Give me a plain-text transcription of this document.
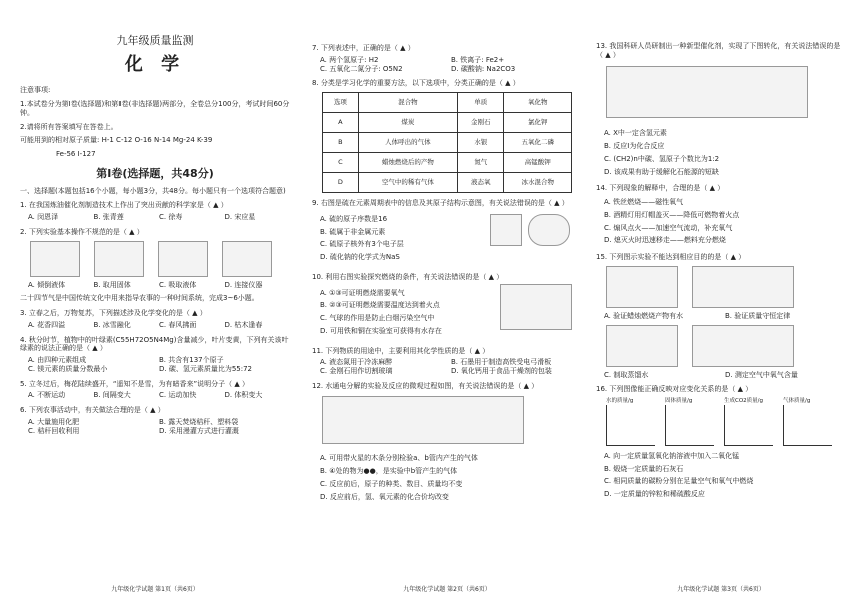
九年级质量监测
化 学
注意事项:
1.本试卷分为第Ⅰ卷(选择题)和第Ⅱ卷(非选择题)两部分，全卷总分100分，考试时间60分钟。
2.请将所有答案填写在答卷上。
可能用到的相对原子质量: H-1 C-12 O-16 N-14 Mg-24 K-39
Fe-56 I-127
第Ⅰ卷(选择题，共48分)
一、选择题(本题包括16个小题，每小题3分，共48分。每小题只有一个选项符合题意)
1. 在我国炼油催化剂制造技术上作出了突出贡献的科学家是（ ▲ ）
A. 闵恩泽	B. 张青莲	C. 徐寿	D. 宋应星
2. 下列实验基本操作不规范的是（ ▲ ）
A. 倾倒液体	B. 取用固体	C. 吸取液体	D. 连接仪器
二十四节气是中国传统文化中用来指导农事的一种时间系统，完成3~6小题。
3. 立春之后，万物复苏，下列描述涉及化学变化的是（ ▲ ）
A. 花香四溢	B. 冰雪融化	C. 春风拂面	D. 枯木逢春
4. 秋分时节，植物中的叶绿素(C55H72O5N4Mg)含量减少，叶片变黄，下列有关该叶绿素的说法正确的是（ ▲ ）
A. 由四种元素组成	B. 共含有137个原子
C. 镁元素的质量分数最小	D. 碳、氢元素质量比为55:72
5. 立冬过后，梅花陆续盛开，“遥知不是雪，为有暗香来”说明分子（ ▲ ）
A. 不断运动	B. 间隔变大	C. 运动加快	D. 体积变大
6. 下列农事活动中，有关做法合理的是（ ▲ ）
A. 大量施用化肥	B. 露天焚烧秸秆、塑料袋
C. 秸秆回收利用	D. 采用漫灌方式进行灌溉
九年级化学试题 第1页（共6页）
7. 下列表述中，正确的是（ ▲ ）
A. 两个氢原子: H2	B. 铁离子: Fe2+
C. 五氧化二氮分子: O5N2	D. 碳酸钠: Na2CO3
8. 分类是学习化学的重要方法，以下选项中，分类正确的是（ ▲ ）
选项	混合物	单质	氧化物
A	煤炭	金刚石	氯化钾
B	人体呼出的气体	水银	五氧化二磷
C	蜡烛燃烧后的产物	氮气	高锰酸钾
D	空气中的稀有气体	液态氧	冰水混合物
9. 右图是硫在元素周期表中的信息及其原子结构示意图，有关说法错误的是（ ▲ ）
A. 硫的原子序数是16
B. 硫属于非金属元素
C. 硫原子核外有3个电子层
D. 硫化钠的化学式为NaS
10. 利用右图实验探究燃烧的条件，有关说法错误的是（ ▲ ）
A. ①③可证明燃烧需要氧气
B. ②③可证明燃烧需要温度达到着火点
C. 气球的作用是防止白烟污染空气中
D. 可用铁和铜在实验室可获得有水存在
11. 下列物质的用途中，主要利用其化学性质的是（ ▲ ）
A. 液态氮用于冷冻麻醉	B. 石墨用于制造高铁受电弓滑板
C. 金刚石用作切割玻璃	D. 氧化钙用于食品干燥剂的包装
12. 水通电分解的实验及反应的微观过程如图，有关说法错误的是（ ▲ ）
A. 可用带火星的木条分别检验a、b管内产生的气体
B. ④处的物为●●，是实验中b管产生的气体
C. 反应前后，原子的种类、数目、质量均不变
D. 反应前后，氢、氧元素的化合价均改变
九年级化学试题 第2页（共6页）
13. 我国科研人员研制出一种新型催化剂，实现了下图转化，有关说法错误的是（ ▲ ）
A. X中一定含氢元素
B. 反应Ⅰ为化合反应
C. (CH2)n中碳、氢原子个数比为1:2
D. 该成果有助于缓解化石能源的短缺
14. 下列现象的解释中，合理的是（ ▲ ）
A. 铁丝燃烧——磁性氧气
B. 酒精灯用灯帽盖灭——降低可燃物着火点
C. 煽风点火——加速空气流动，补充氧气
D. 熄灭火时迅速移走——燃料充分燃烧
15. 下列图示实验不能达到相应目的的是（ ▲ ）
A. 验证蜡烛燃烧产物有水	B. 验证质量守恒定律
C. 制取蒸馏水	D. 测定空气中氧气含量
16. 下列图像能正确反映对应变化关系的是（ ▲ ）
水的质量/g	固体质量/g	生成CO2质量/g	气体质量/g
A. 向一定质量氢氧化钠溶液中加入二氧化锰
B. 煅烧一定质量的石灰石
C. 相同质量的碳粉分别在足量空气和氧气中燃烧
D. 一定质量的锌粒和稀硫酸反应
九年级化学试题 第3页（共6页）
